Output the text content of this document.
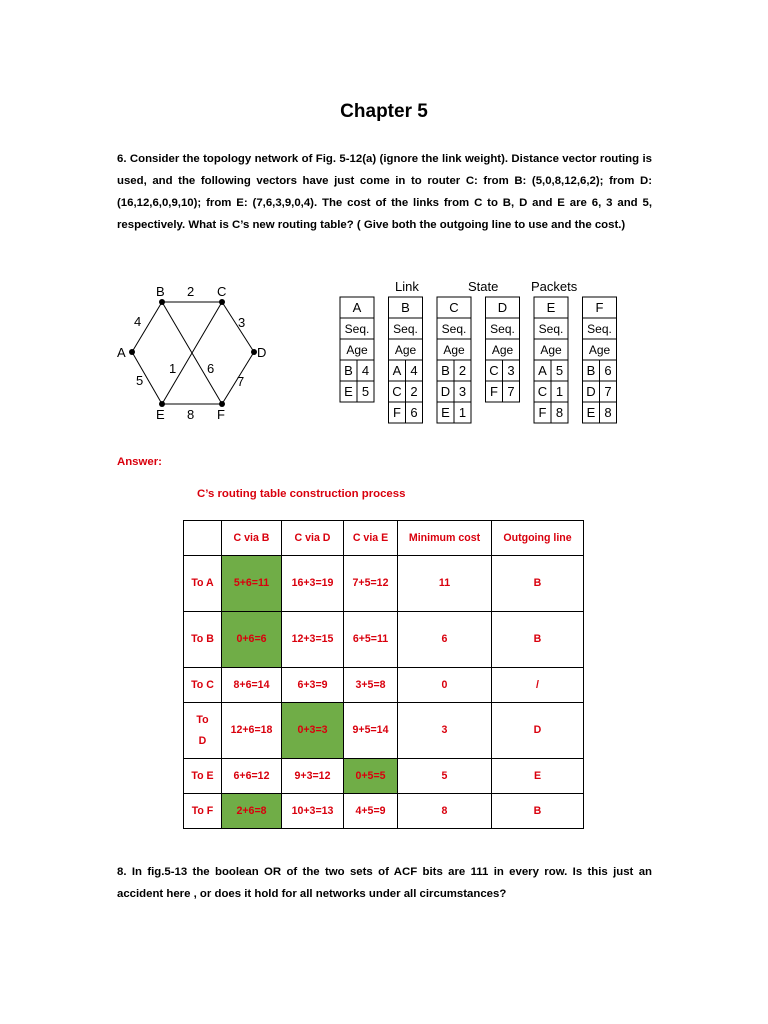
Chapter 5
6. Consider the topology network of Fig. 5-12(a) (ignore the link weight). Distance vector routing is used, and the following vectors have just come in to router C: from B: (5,0,8,12,6,2); from D: (16,12,6,0,9,10); from E: (7,6,3,9,0,4). The cost of the links from C to B, D and E are 6, 3 and 5, respectively. What is C’s new routing table? ( Give both the outgoing line to use and the cost.)
A
B	C
D
E	F
4
2
3
7
8
5
6
1
Link	State	Packets
A
Seq.
Age
B 4
E 5
B
Seq.
Age
A 4
C 2
F 6
C
Seq.
Age
B 2
D 3
E 1
D
Seq.
Age
C 3
F 7
E
Seq.
Age
A 5
C 1
F 8
F
Seq.
Age
B 6
D 7
E 8
Answer:
C’s routing table construction process
	C via B	C via D	C via E	Minimum cost	Outgoing line
To A	5+6=11	16+3=19	7+5=12	11	B
To B	0+6=6	12+3=15	6+5=11	6	B
To C	8+6=14	6+3=9	3+5=8	0	/
To D	12+6=18	0+3=3	9+5=14	3	D
To E	6+6=12	9+3=12	0+5=5	5	E
To F	2+6=8	10+3=13	4+5=9	8	B
8. In fig.5-13 the boolean OR of the two sets of ACF bits are 111 in every row. Is this just an accident here , or does it hold for all networks under all circumstances?
